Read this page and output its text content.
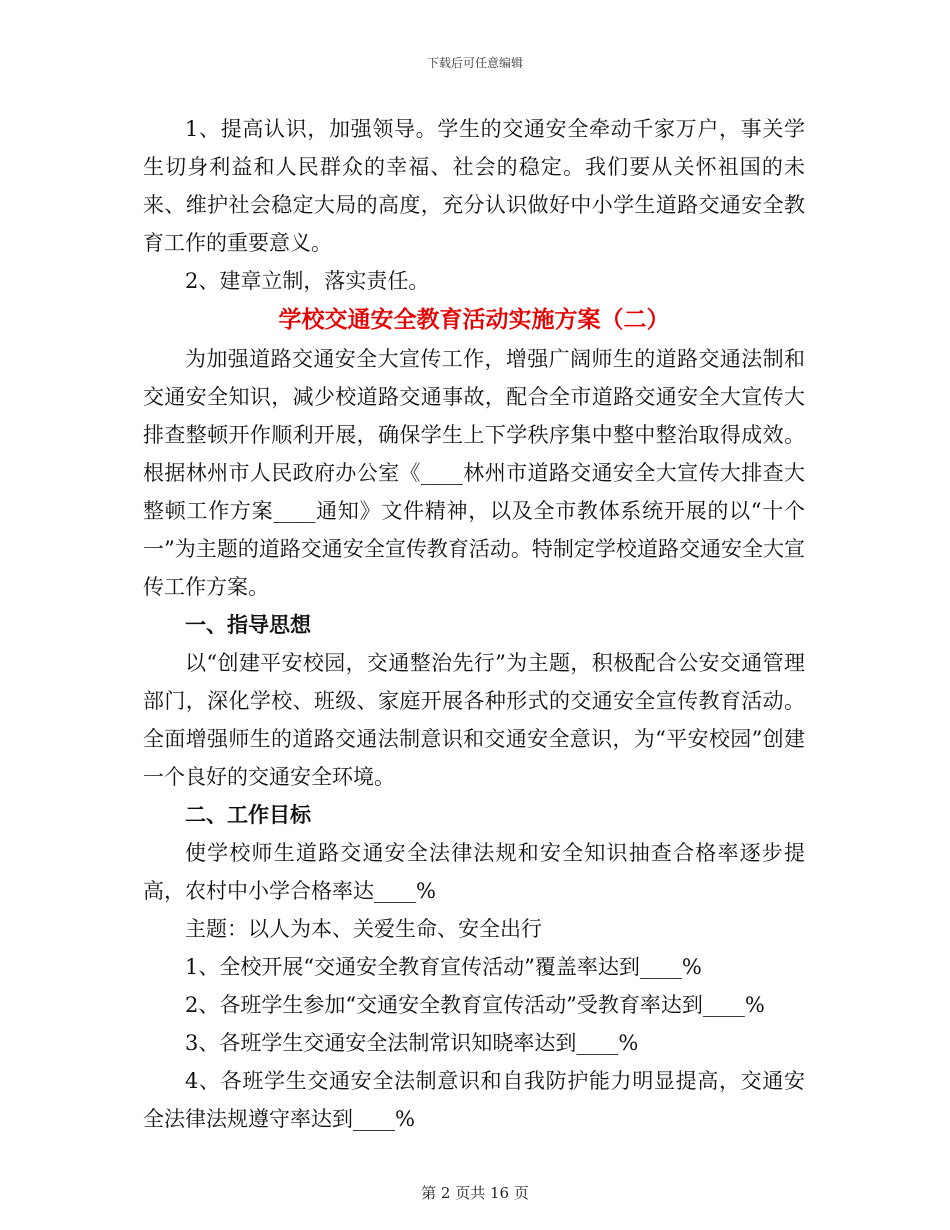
下载后可任意编辑

1、提高认识，加强领导。学生的交通安全牵动千家万户，事关学生切身利益和人民群众的幸福、社会的稳定。我们要从关怀祖国的未来、维护社会稳定大局的高度，充分认识做好中小学生道路交通安全教育工作的重要意义。

2、建章立制，落实责任。

学校交通安全教育活动实施方案（二）

为加强道路交通安全大宣传工作，增强广阔师生的道路交通法制和交通安全知识，减少校道路交通事故，配合全市道路交通安全大宣传大排查整顿开作顺利开展，确保学生上下学秩序集中整中整治取得成效。根据林州市人民政府办公室《____林州市道路交通安全大宣传大排查大整顿工作方案____通知》文件精神，以及全市教体系统开展的以“十个一”为主题的道路交通安全宣传教育活动。特制定学校道路交通安全大宣传工作方案。

一、指导思想

以“创建平安校园，交通整治先行”为主题，积极配合公安交通管理部门，深化学校、班级、家庭开展各种形式的交通安全宣传教育活动。全面增强师生的道路交通法制意识和交通安全意识，为“平安校园”创建一个良好的交通安全环境。

二、工作目标

使学校师生道路交通安全法律法规和安全知识抽查合格率逐步提高，农村中小学合格率达____%

主题：以人为本、关爱生命、安全出行

1、全校开展“交通安全教育宣传活动”覆盖率达到____%

2、各班学生参加“交通安全教育宣传活动”受教育率达到____%

3、各班学生交通安全法制常识知晓率达到____%

4、各班学生交通安全法制意识和自我防护能力明显提高，交通安全法律法规遵守率达到____%

第 2 页共 16 页
